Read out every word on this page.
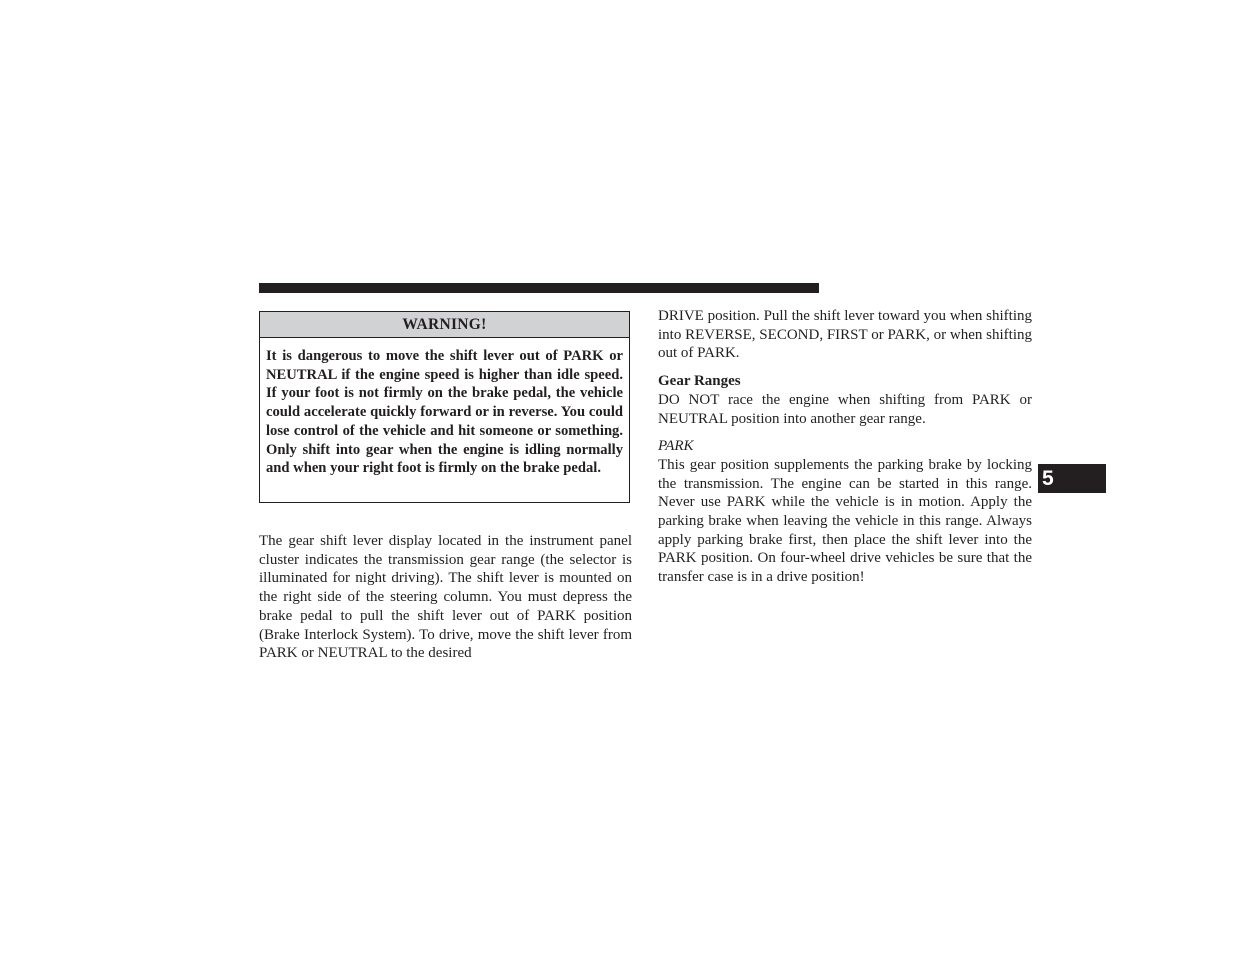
WARNING!
It is dangerous to move the shift lever out of PARK or NEUTRAL if the engine speed is higher than idle speed. If your foot is not firmly on the brake pedal, the vehicle could accelerate quickly forward or in reverse. You could lose control of the vehicle and hit someone or something. Only shift into gear when the engine is idling normally and when your right foot is firmly on the brake pedal.

The gear shift lever display located in the instrument panel cluster indicates the transmission gear range (the selector is illuminated for night driving). The shift lever is mounted on the right side of the steering column. You must depress the brake pedal to pull the shift lever out of PARK position (Brake Interlock System). To drive, move the shift lever from PARK or NEUTRAL to the desired

DRIVE position. Pull the shift lever toward you when shifting into REVERSE, SECOND, FIRST or PARK, or when shifting out of PARK.

Gear Ranges

DO NOT race the engine when shifting from PARK or NEUTRAL position into another gear range.

PARK

This gear position supplements the parking brake by locking the transmission. The engine can be started in this range. Never use PARK while the vehicle is in motion. Apply the parking brake when leaving the vehicle in this range. Always apply parking brake first, then place the shift lever into the PARK position. On four-wheel drive vehicles be sure that the transfer case is in a drive position!

5
